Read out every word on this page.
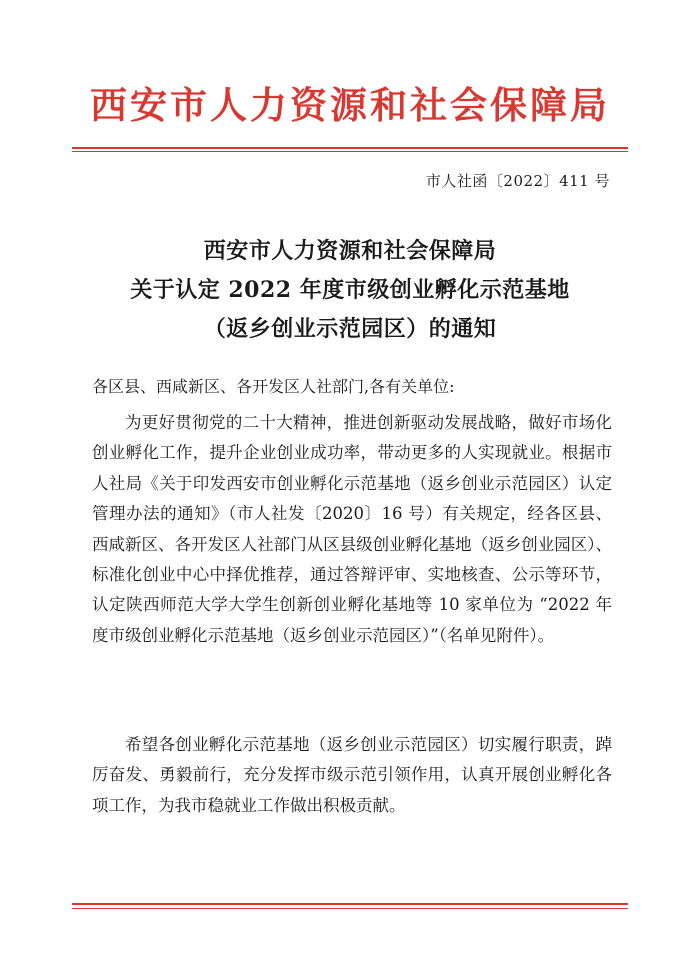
西安市人力资源和社会保障局
市人社函〔2022〕411 号
西安市人力资源和社会保障局
关于认定 2022 年度市级创业孵化示范基地
（返乡创业示范园区）的通知
各区县、西咸新区、各开发区人社部门,各有关单位:

为更好贯彻党的二十大精神，推进创新驱动发展战略，做好市场化创业孵化工作，提升企业创业成功率，带动更多的人实现就业。根据市人社局《关于印发西安市创业孵化示范基地（返乡创业示范园区）认定管理办法的通知》（市人社发〔2020〕16 号）有关规定，经各区县、西咸新区、各开发区人社部门从区县级创业孵化基地（返乡创业园区）、标准化创业中心中择优推荐，通过答辩评审、实地核查、公示等环节，认定陕西师范大学大学生创新创业孵化基地等 10 家单位为 “2022 年度市级创业孵化示范基地（返乡创业示范园区）”（名单见附件）。

希望各创业孵化示范基地（返乡创业示范园区）切实履行职责，踔厉奋发、勇毅前行，充分发挥市级示范引领作用，认真开展创业孵化各项工作，为我市稳就业工作做出积极贡献。
